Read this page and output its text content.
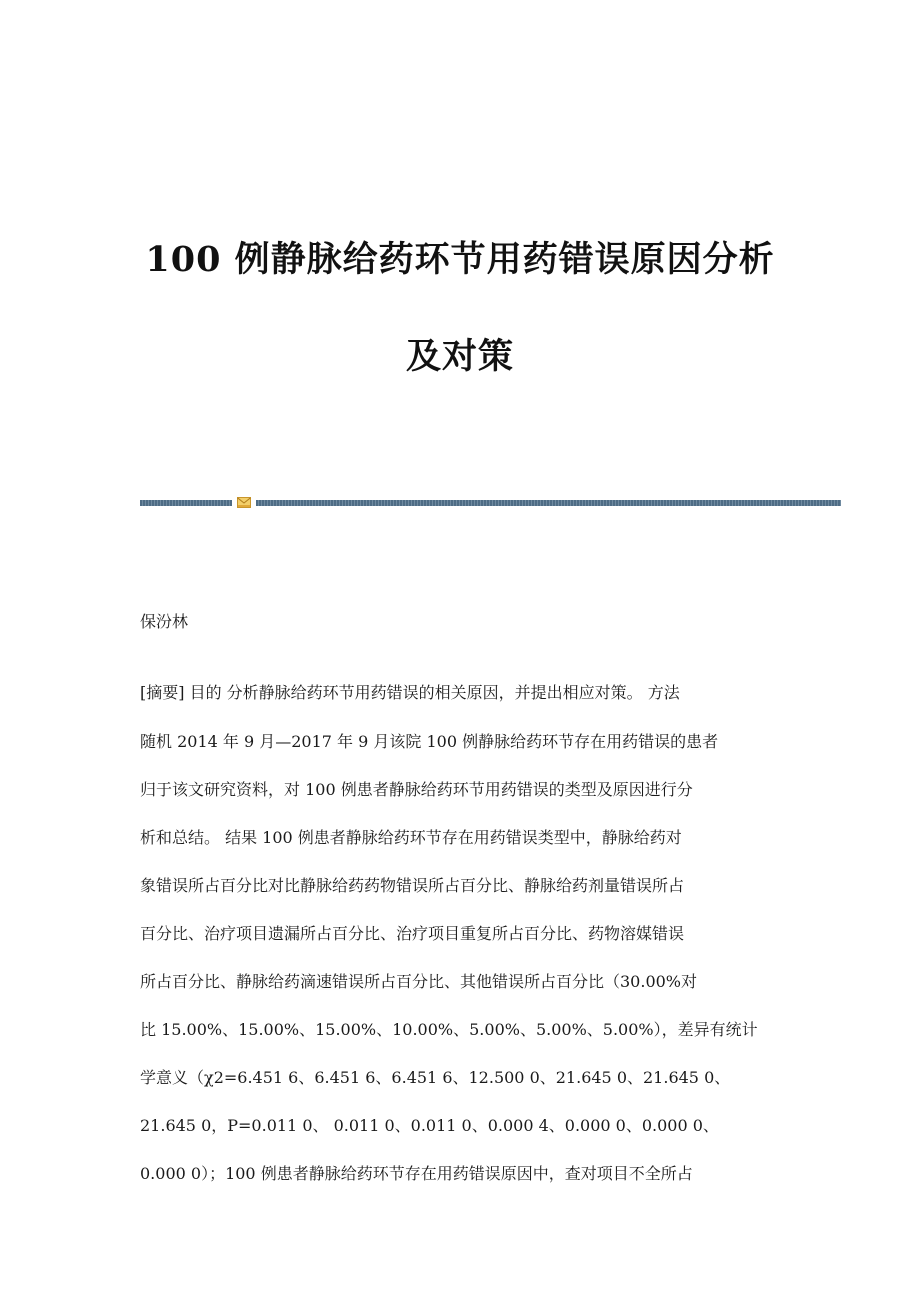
100 例静脉给药环节用药错误原因分析
及对策
保汾林
[摘要] 目的 分析静脉给药环节用药错误的相关原因，并提出相应对策。 方法
随机 2014 年 9 月—2017 年 9 月该院 100 例静脉给药环节存在用药错误的患者
归于该文研究资料，对 100 例患者静脉给药环节用药错误的类型及原因进行分
析和总结。 结果 100 例患者静脉给药环节存在用药错误类型中，静脉给药对
象错误所占百分比对比静脉给药药物错误所占百分比、静脉给药剂量错误所占
百分比、治疗项目遗漏所占百分比、治疗项目重复所占百分比、药物溶媒错误
所占百分比、静脉给药滴速错误所占百分比、其他错误所占百分比（30.00%对
比 15.00%、15.00%、15.00%、10.00%、5.00%、5.00%、5.00%），差异有统计
学意义（χ2=6.451 6、6.451 6、6.451 6、12.500 0、21.645 0、21.645 0、
21.645 0，P=0.011 0、 0.011 0、0.011 0、0.000 4、0.000 0、0.000 0、
0.000 0）；100 例患者静脉给药环节存在用药错误原因中，查对项目不全所占
